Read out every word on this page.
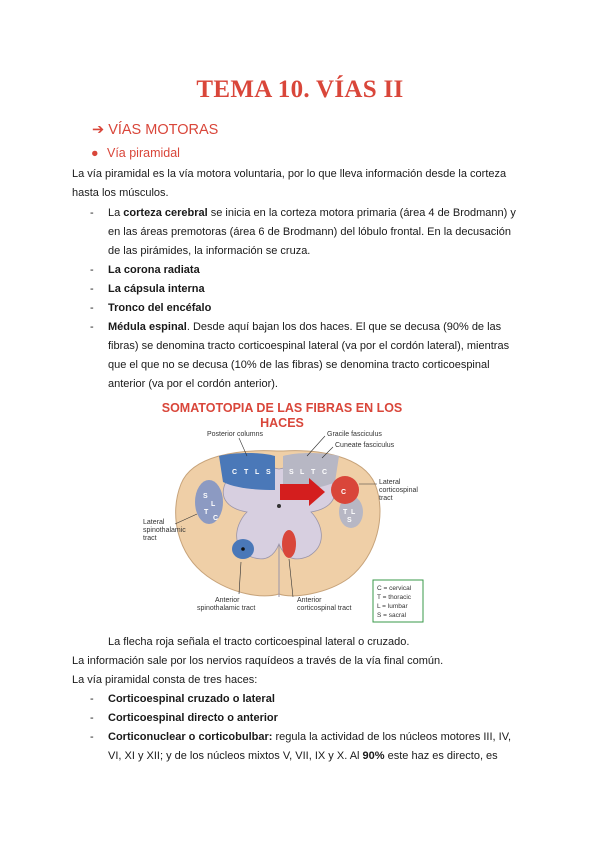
TEMA 10. VÍAS II
➔ VÍAS MOTORAS
● Vía piramidal
La vía piramidal es la vía motora voluntaria, por lo que lleva información desde la corteza
hasta los músculos.
- La corteza cerebral se inicia en la corteza motora primaria (área 4 de Brodmann) y
en las áreas premotoras (área 6 de Brodmann) del lóbulo frontal. En la decusación
de las pirámides, la información se cruza.
- La corona radiata
- La cápsula interna
- Tronco del encéfalo
- Médula espinal. Desde aquí bajan los dos haces. El que se decusa (90% de las
fibras) se denomina tracto corticoespinal lateral (va por el cordón lateral), mientras
que el que no se decusa (10% de las fibras) se denomina tracto corticoespinal
anterior (va por el cordón anterior).
SOMATOTOPIA DE LAS FIBRAS EN LOS
HACES
C T L S	S L T C
S
L
T
C
C
T L
S
Posterior columns	Gracile fasciculus
Cuneate fasciculus
Lateral
corticospinal
tract
Lateral
spinothalamic
tract
Anterior
spinothalamic tract
Anterior
corticospinal tract
C = cervical
T = thoracic
L = lumbar
S = sacral
La flecha roja señala el tracto corticoespinal lateral o cruzado.
La información sale por los nervios raquídeos a través de la vía final común.
La vía piramidal consta de tres haces:
- Corticoespinal cruzado o lateral
- Corticoespinal directo o anterior
- Corticonuclear o corticobulbar: regula la actividad de los núcleos motores III, IV,
VI, XI y XII; y de los núcleos mixtos V, VII, IX y X. Al 90% este haz es directo, es
